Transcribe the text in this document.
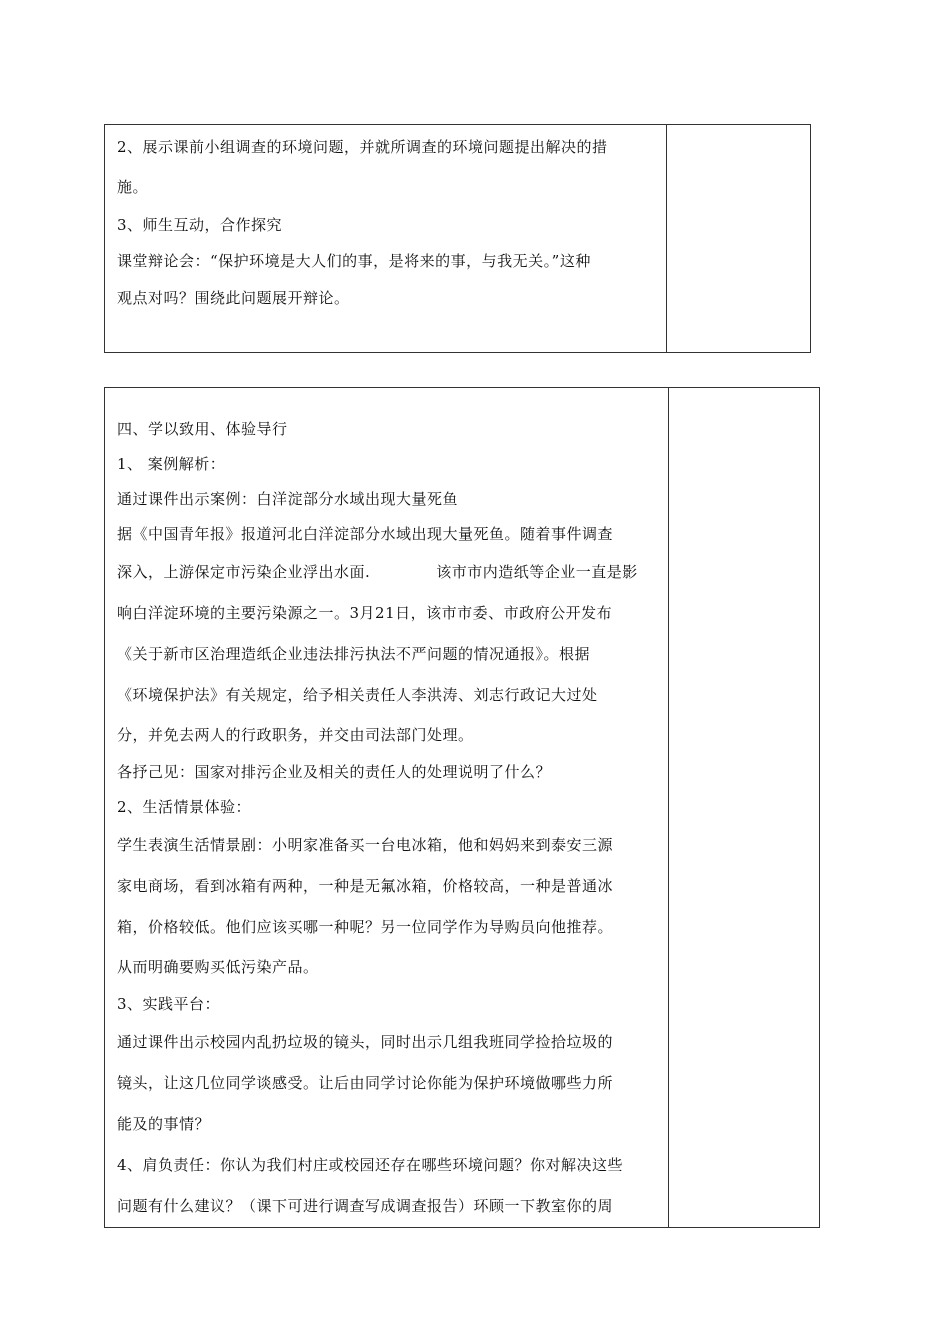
2、展示课前小组调查的环境问题，并就所调查的环境问题提出解决的措
施。
3、师生互动，合作探究
课堂辩论会：“保护环境是大人们的事，是将来的事，与我无关。”这种
观点对吗？围绕此问题展开辩论。

四、学以致用、体验导行
1、 案例解析：
通过课件出示案例：白洋淀部分水域出现大量死鱼
据《中国青年报》报道河北白洋淀部分水域出现大量死鱼。随着事件调查
深入，上游保定市污染企业浮出水面.	该市市内造纸等企业一直是影
响白洋淀环境的主要污染源之一。3月21日，该市市委、市政府公开发布
《关于新市区治理造纸企业违法排污执法不严问题的情况通报》。根据
《环境保护法》有关规定，给予相关责任人李洪涛、刘志行政记大过处
分，并免去两人的行政职务，并交由司法部门处理。
各抒己见：国家对排污企业及相关的责任人的处理说明了什么？
2、生活情景体验：
学生表演生活情景剧：小明家准备买一台电冰箱，他和妈妈来到泰安三源
家电商场，看到冰箱有两种，一种是无氟冰箱，价格较高，一种是普通冰
箱，价格较低。他们应该买哪一种呢？另一位同学作为导购员向他推荐。
从而明确要购买低污染产品。
3、实践平台：
通过课件出示校园内乱扔垃圾的镜头，同时出示几组我班同学捡拾垃圾的
镜头，让这几位同学谈感受。让后由同学讨论你能为保护环境做哪些力所
能及的事情？
4、肩负责任：你认为我们村庄或校园还存在哪些环境问题？你对解决这些
问题有什么建议？（课下可进行调查写成调查报告）环顾一下教室你的周
